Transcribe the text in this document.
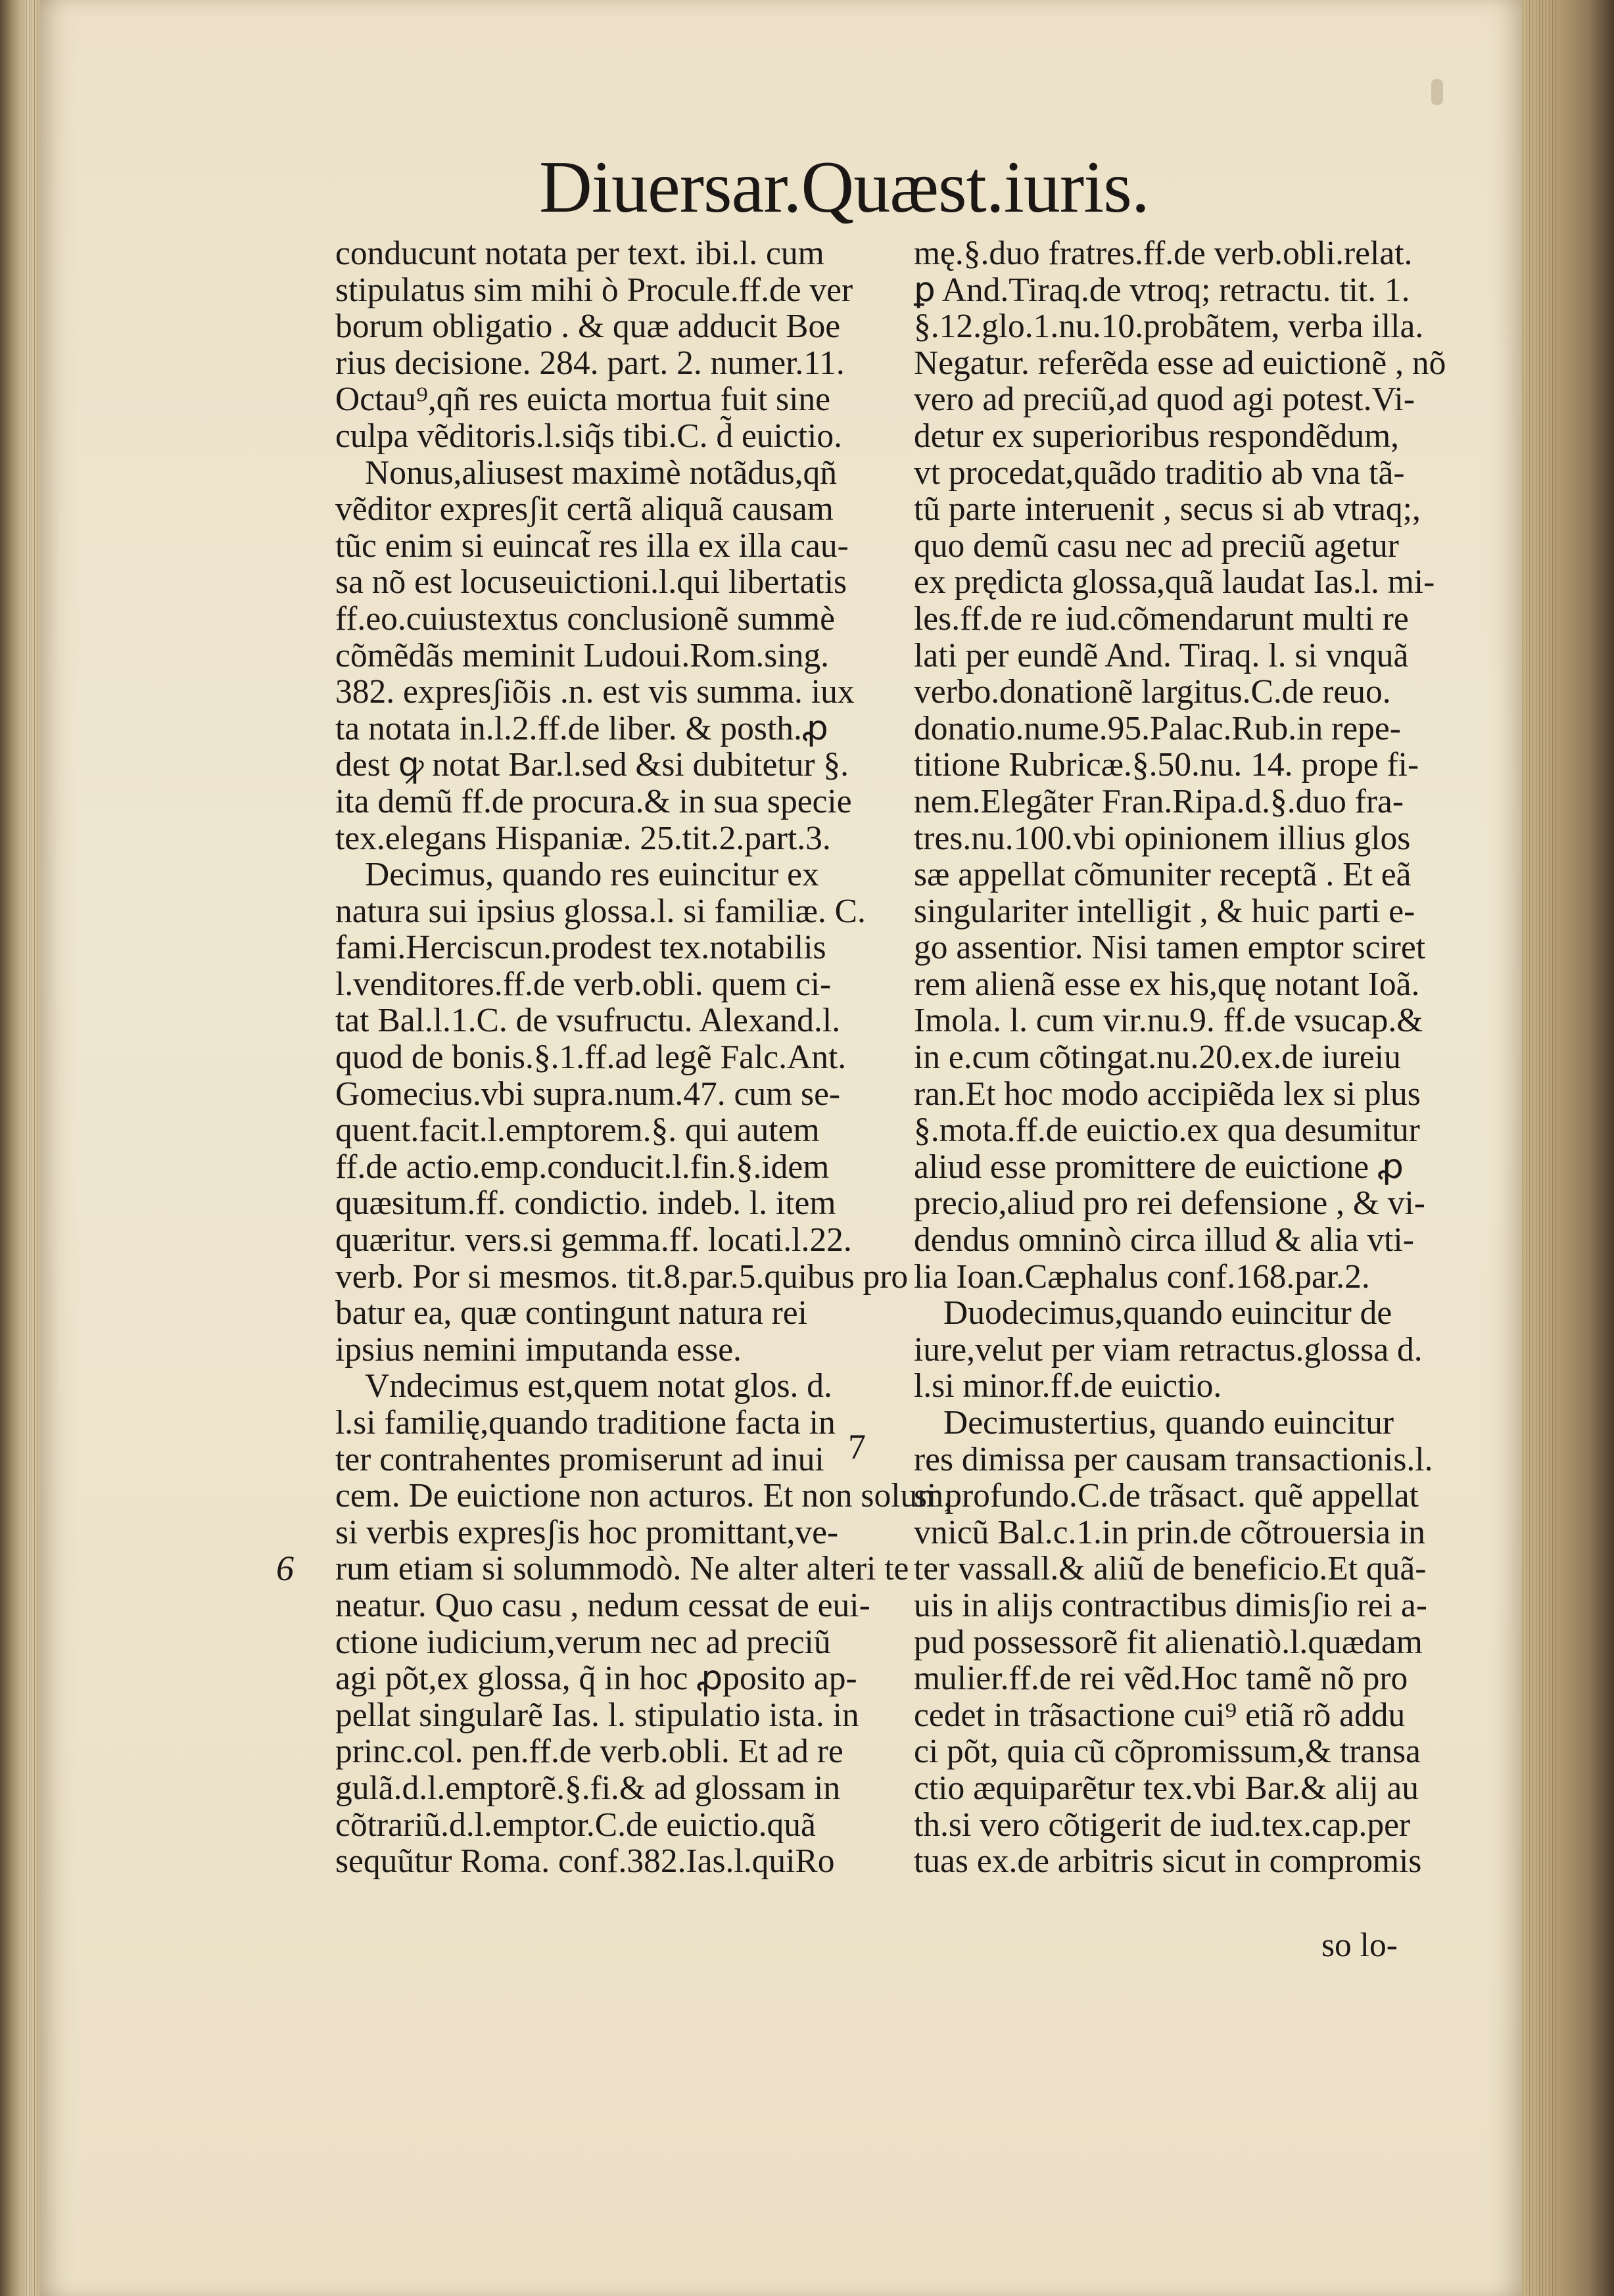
Diuersar.Quæst.iuris.
conducunt notata per text. ibi.l. cum
stipulatus sim mihi ò Procule.ff.de ver
borum obligatio . & quæ adducit Boe
rius decisione. 284. part. 2. numer.11.
Octau⁹,qñ res euicta mortua fuit sine
culpa vẽditoris.l.siq̃s tibi.C. d̃ euictio.
Nonus,aliusest maximè notãdus,qñ
vẽditor expresʃit certã aliquã causam
tũc enim si euincat̃ res illa ex illa cau-
sa nõ est locuseuictioni.l.qui libertatis
ff.eo.cuiustextus conclusionẽ summè
cõmẽdãs meminit Ludoui.Rom.sing.
382. expresʃiõis .n. est vis summa. iux
ta notata in.l.2.ff.de liber. & posth.ꝓ
dest ꝙ notat Bar.l.sed &si dubitetur §.
ita demũ ff.de procura.& in sua specie
tex.elegans Hispaniæ. 25.tit.2.part.3.
Decimus, quando res euincitur ex
natura sui ipsius glossa.l. si familiæ. C.
fami.Herciscun.prodest tex.notabilis
l.venditores.ff.de verb.obli. quem ci-
tat Bal.l.1.C. de vsufructu. Alexand.l.
quod de bonis.§.1.ff.ad legẽ Falc.Ant.
Gomecius.vbi supra.num.47. cum se-
quent.facit.l.emptorem.§. qui autem
ff.de actio.emp.conducit.l.fin.§.idem
quæsitum.ff. condictio. indeb. l. item
quæritur. vers.si gemma.ff. locati.l.22.
verb. Por si mesmos. tit.8.par.5.quibus pro
batur ea, quæ contingunt natura rei
ipsius nemini imputanda esse.
Vndecimus est,quem notat glos. d.
l.si familię,quando traditione facta in
ter contrahentes promiserunt ad inui
cem. De euictione non acturos. Et non solum,
si verbis expresʃis hoc promittant,ve-
rum etiam si solummodò. Ne alter alteri te
neatur. Quo casu , nedum cessat de eui-
ctione iudicium,verum nec ad preciũ
agi põt,ex glossa, q̃ in hoc ꝓposito ap-
pellat singularẽ Ias. l. stipulatio ista. in
princ.col. pen.ff.de verb.obli. Et ad re
gulã.d.l.emptorẽ.§.fi.& ad glossam in
cõtrariũ.d.l.emptor.C.de euictio.quã
sequũtur Roma. conf.382.Ias.l.quiRo
mę.§.duo fratres.ff.de verb.obli.relat.
ꝑ And.Tiraq.de vtroq; retractu. tit. 1.
§.12.glo.1.nu.10.probãtem, verba illa.
Negatur. referẽda esse ad euictionẽ , nõ
vero ad preciũ,ad quod agi potest.Vi-
detur ex superioribus respondẽdum,
vt procedat,quãdo traditio ab vna tã-
tũ parte interuenit , secus si ab vtraq;,
quo demũ casu nec ad preciũ agetur
ex prędicta glossa,quã laudat Ias.l. mi-
les.ff.de re iud.cõmendarunt multi re
lati per eundẽ And. Tiraq. l. si vnquã
verbo.donationẽ largitus.C.de reuo.
donatio.nume.95.Palac.Rub.in repe-
titione Rubricæ.§.50.nu. 14. prope fi-
nem.Elegãter Fran.Ripa.d.§.duo fra-
tres.nu.100.vbi opinionem illius glos
sæ appellat cõmuniter receptã . Et eã
singulariter intelligit , & huic parti e-
go assentior. Nisi tamen emptor sciret
rem alienã esse ex his,quę notant Ioã.
Imola. l. cum vir.nu.9. ff.de vsucap.&
in e.cum cõtingat.nu.20.ex.de iureiu
ran.Et hoc modo accipiẽda lex si plus
§.mota.ff.de euictio.ex qua desumitur
aliud esse promittere de euictione ꝓ
precio,aliud pro rei defensione , & vi-
dendus omninò circa illud & alia vti-
lia Ioan.Cæphalus conf.168.par.2.
Duodecimus,quando euincitur de
iure,velut per viam retractus.glossa d.
l.si minor.ff.de euictio.
Decimustertius, quando euincitur
res dimissa per causam transactionis.l.
si profundo.C.de trãsact. quẽ appellat
vnicũ Bal.c.1.in prin.de cõtrouersia in
ter vassall.& aliũ de beneficio.Et quã-
uis in alijs contractibus dimisʃio rei a-
pud possessorẽ fit alienatiò.l.quædam
mulier.ff.de rei vẽd.Hoc tamẽ nõ pro
cedet in trãsactione cui⁹ etiã rõ addu
ci põt, quia cũ cõpromissum,& transa
ctio æquiparẽtur tex.vbi Bar.& alij au
th.si vero cõtigerit de iud.tex.cap.per
tuas ex.de arbitris sicut in compromis
6
7
so lo-
